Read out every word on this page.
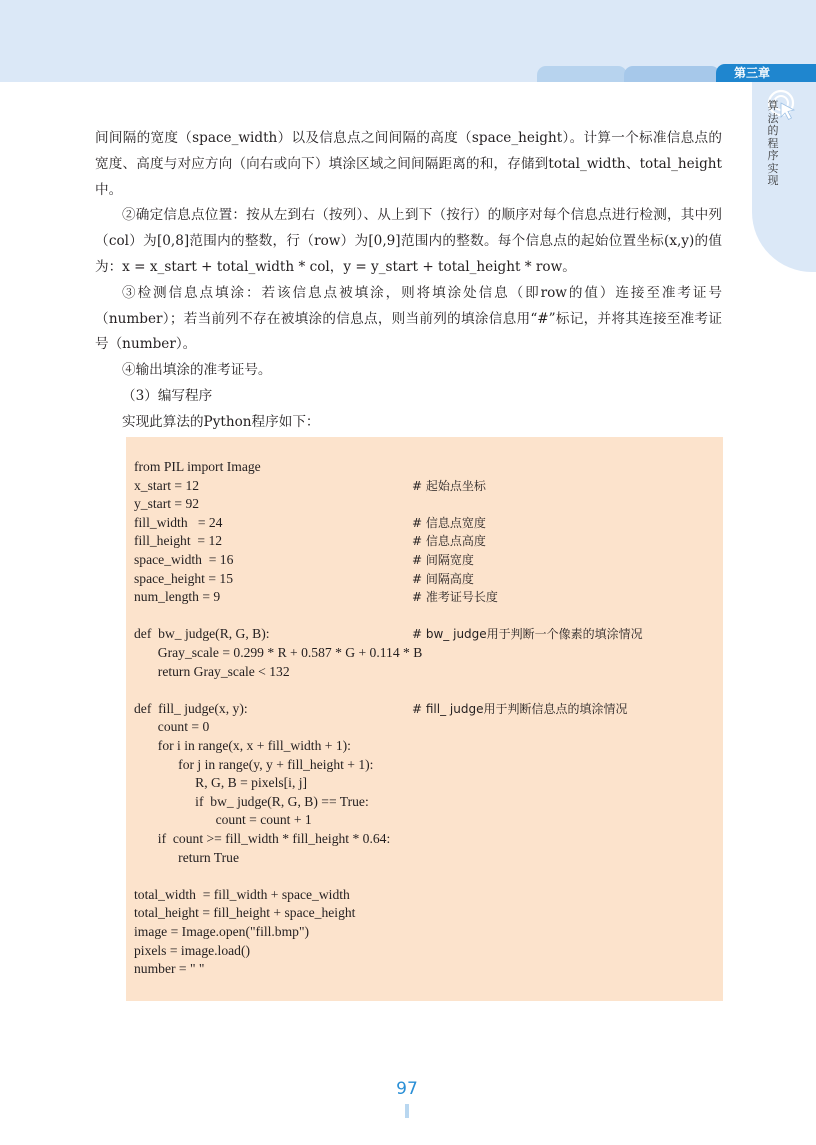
第三章
算法的程序实现

间间隔的宽度（space_width）以及信息点之间间隔的高度（space_height）。计算一个标准信息点的宽度、高度与对应方向（向右或向下）填涂区域之间间隔距离的和，存储到total_width、total_height中。

②确定信息点位置：按从左到右（按列）、从上到下（按行）的顺序对每个信息点进行检测，其中列（col）为[0,8]范围内的整数，行（row）为[0,9]范围内的整数。每个信息点的起始位置坐标(x,y)的值为：x = x_start + total_width * col，y = y_start + total_height * row。

③检测信息点填涂：若该信息点被填涂，则将填涂处信息（即row的值）连接至准考证号（number）；若当前列不存在被填涂的信息点，则当前列的填涂信息用“#”标记，并将其连接至准考证号（number）。

④输出填涂的准考证号。

（3）编写程序

实现此算法的Python程序如下：

from PIL import Image
x_start = 12	# 起始点坐标
y_start = 92
fill_width   = 24	# 信息点宽度
fill_height  = 12	# 信息点高度
space_width  = 16	# 间隔宽度
space_height = 15	# 间隔高度
num_length = 9	# 准考证号长度
def  bw_ judge(R, G, B):	# bw_ judge用于判断一个像素的填涂情况
Gray_scale = 0.299 * R + 0.587 * G + 0.114 * B
return Gray_scale < 132
def  fill_ judge(x, y):	# fill_ judge用于判断信息点的填涂情况
count = 0
for i in range(x, x + fill_width + 1):
for j in range(y, y + fill_height + 1):
R, G, B = pixels[i, j]
if  bw_ judge(R, G, B) == True:
count = count + 1
if  count >= fill_width * fill_height * 0.64:
return True
total_width  = fill_width + space_width
total_height = fill_height + space_height
image = Image.open("fill.bmp")
pixels = image.load()
number = " "
97
